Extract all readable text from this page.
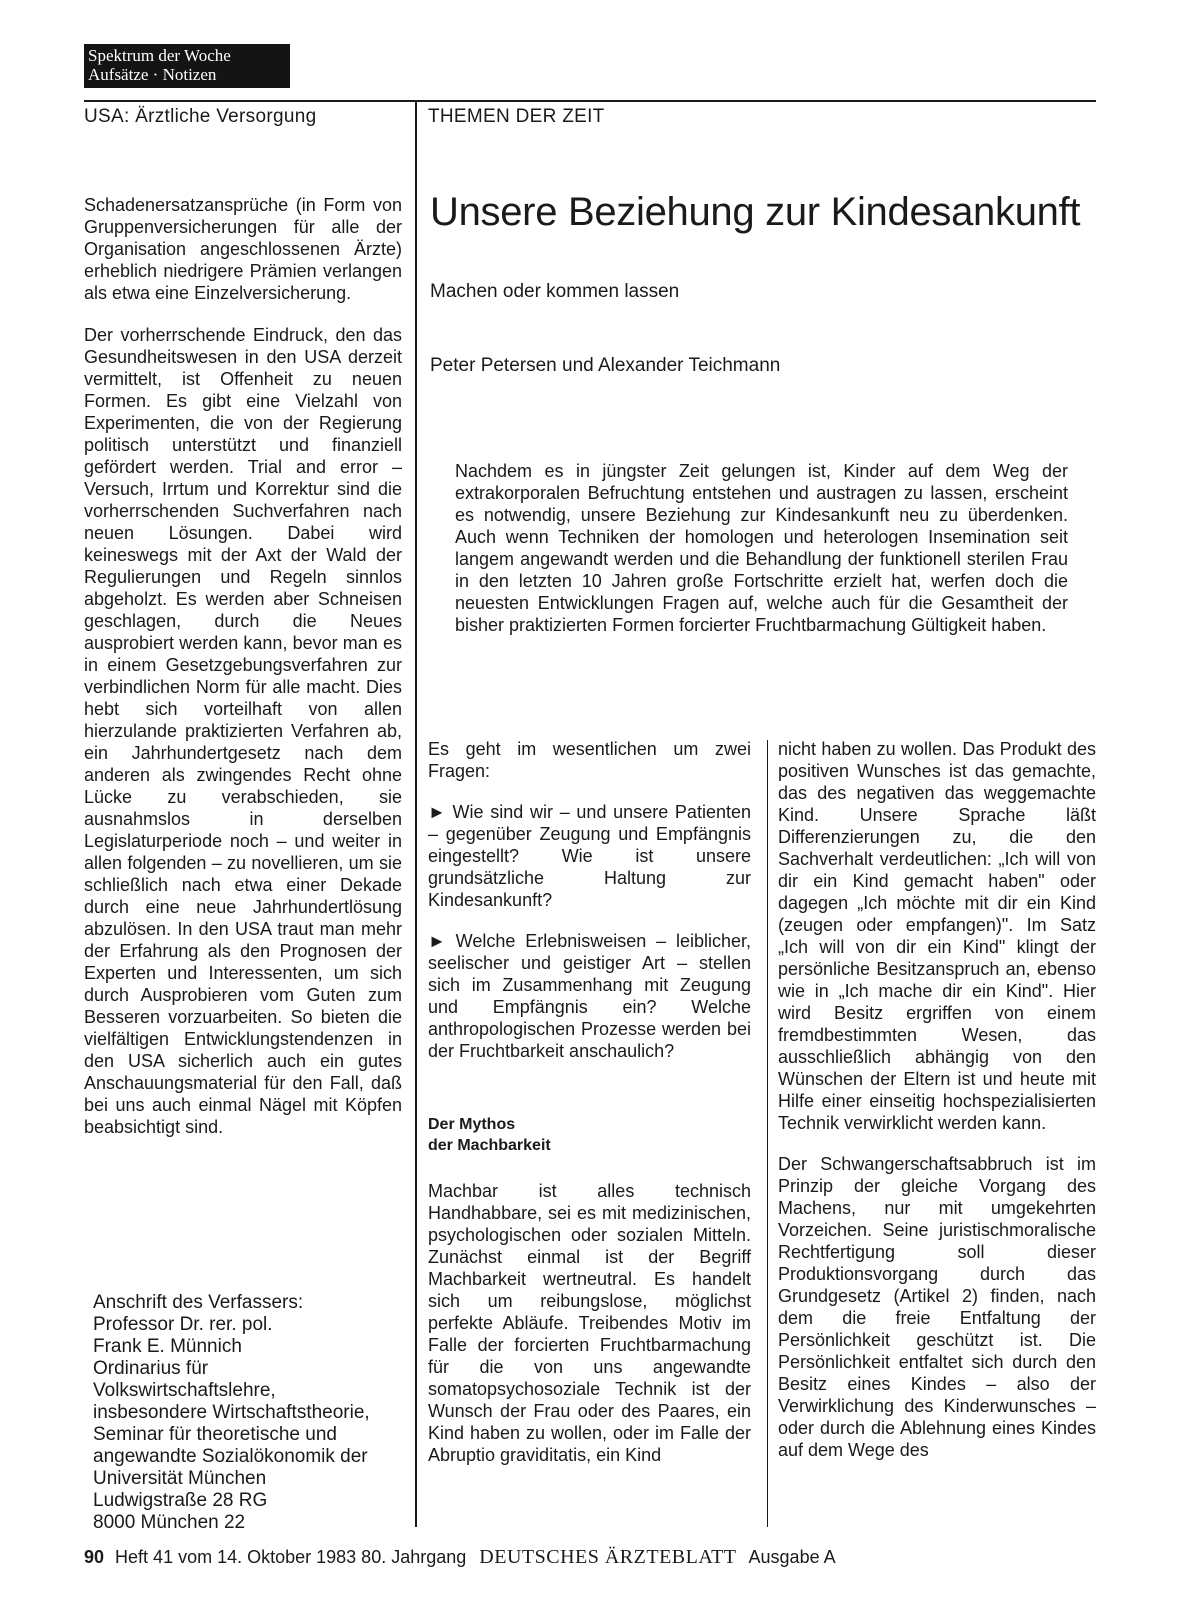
Spektrum der Woche
Aufsätze · Notizen
USA: Ärztliche Versorgung	THEMEN DER ZEIT

Schadenersatzansprüche (in Form von Gruppenversicherungen für alle der Organisation angeschlossenen Ärzte) erheblich niedrigere Prämien verlangen als etwa eine Einzelversicherung.

Der vorherrschende Eindruck, den das Gesundheitswesen in den USA derzeit vermittelt, ist Offenheit zu neuen Formen. Es gibt eine Vielzahl von Experimenten, die von der Regierung politisch unterstützt und finanziell gefördert werden. Trial and error – Versuch, Irrtum und Korrektur sind die vorherrschenden Suchverfahren nach neuen Lösungen. Dabei wird keineswegs mit der Axt der Wald der Regulierungen und Regeln sinnlos abgeholzt. Es werden aber Schneisen geschlagen, durch die Neues ausprobiert werden kann, bevor man es in einem Gesetzgebungsverfahren zur verbindlichen Norm für alle macht. Dies hebt sich vorteilhaft von allen hierzulande praktizierten Verfahren ab, ein Jahrhundertgesetz nach dem anderen als zwingendes Recht ohne Lücke zu verabschieden, sie ausnahmslos in derselben Legislaturperiode noch – und weiter in allen folgenden – zu novellieren, um sie schließlich nach etwa einer Dekade durch eine neue Jahrhundertlösung abzulösen. In den USA traut man mehr der Erfahrung als den Prognosen der Experten und Interessenten, um sich durch Ausprobieren vom Guten zum Besseren vorzuarbeiten. So bieten die vielfältigen Entwicklungstendenzen in den USA sicherlich auch ein gutes Anschauungsmaterial für den Fall, daß bei uns auch einmal Nägel mit Köpfen beabsichtigt sind.

Anschrift des Verfassers:
Professor Dr. rer. pol.
Frank E. Münnich
Ordinarius für
Volkswirtschaftslehre,
insbesondere Wirtschaftstheorie,
Seminar für theoretische und
angewandte Sozialökonomik der
Universität München
Ludwigstraße 28 RG
8000 München 22
Unsere Beziehung zur Kindesankunft
Machen oder kommen lassen
Peter Petersen und Alexander Teichmann

Nachdem es in jüngster Zeit gelungen ist, Kinder auf dem Weg der extrakorporalen Befruchtung entstehen und austragen zu lassen, erscheint es notwendig, unsere Beziehung zur Kindesankunft neu zu überdenken. Auch wenn Techniken der homologen und heterologen Insemination seit langem angewandt werden und die Behandlung der funktionell sterilen Frau in den letzten 10 Jahren große Fortschritte erzielt hat, werfen doch die neuesten Entwicklungen Fragen auf, welche auch für die Gesamtheit der bisher praktizierten Formen forcierter Fruchtbarmachung Gültigkeit haben.

Es geht im wesentlichen um zwei Fragen:

► Wie sind wir – und unsere Patienten – gegenüber Zeugung und Empfängnis eingestellt? Wie ist unsere grundsätzliche Haltung zur Kindesankunft?

► Welche Erlebnisweisen – leiblicher, seelischer und geistiger Art – stellen sich im Zusammenhang mit Zeugung und Empfängnis ein? Welche anthropologischen Prozesse werden bei der Fruchtbarkeit anschaulich?

Der Mythos
der Machbarkeit

Machbar ist alles technisch Handhabbare, sei es mit medizinischen, psychologischen oder sozialen Mitteln. Zunächst einmal ist der Begriff Machbarkeit wertneutral. Es handelt sich um reibungslose, möglichst perfekte Abläufe. Treibendes Motiv im Falle der forcierten Fruchtbarmachung für die von uns angewandte somatopsychosoziale Technik ist der Wunsch der Frau oder des Paares, ein Kind haben zu wollen, oder im Falle der Abruptio graviditatis, ein Kind

nicht haben zu wollen. Das Produkt des positiven Wunsches ist das gemachte, das des negativen das weggemachte Kind. Unsere Sprache läßt Differenzierungen zu, die den Sachverhalt verdeutlichen: „Ich will von dir ein Kind gemacht haben" oder dagegen „Ich möchte mit dir ein Kind (zeugen oder empfangen)". Im Satz „Ich will von dir ein Kind" klingt der persönliche Besitzanspruch an, ebenso wie in „Ich mache dir ein Kind". Hier wird Besitz ergriffen von einem fremdbestimmten Wesen, das ausschließlich abhängig von den Wünschen der Eltern ist und heute mit Hilfe einer einseitig hochspezialisierten Technik verwirklicht werden kann.

Der Schwangerschaftsabbruch ist im Prinzip der gleiche Vorgang des Machens, nur mit umgekehrten Vorzeichen. Seine juristischmoralische Rechtfertigung soll dieser Produktionsvorgang durch das Grundgesetz (Artikel 2) finden, nach dem die freie Entfaltung der Persönlichkeit geschützt ist. Die Persönlichkeit entfaltet sich durch den Besitz eines Kindes – also der Verwirklichung des Kinderwunsches – oder durch die Ablehnung eines Kindes auf dem Wege des

90 Heft 41 vom 14. Oktober 1983 80. Jahrgang DEUTSCHES ÄRZTEBLATT Ausgabe A
